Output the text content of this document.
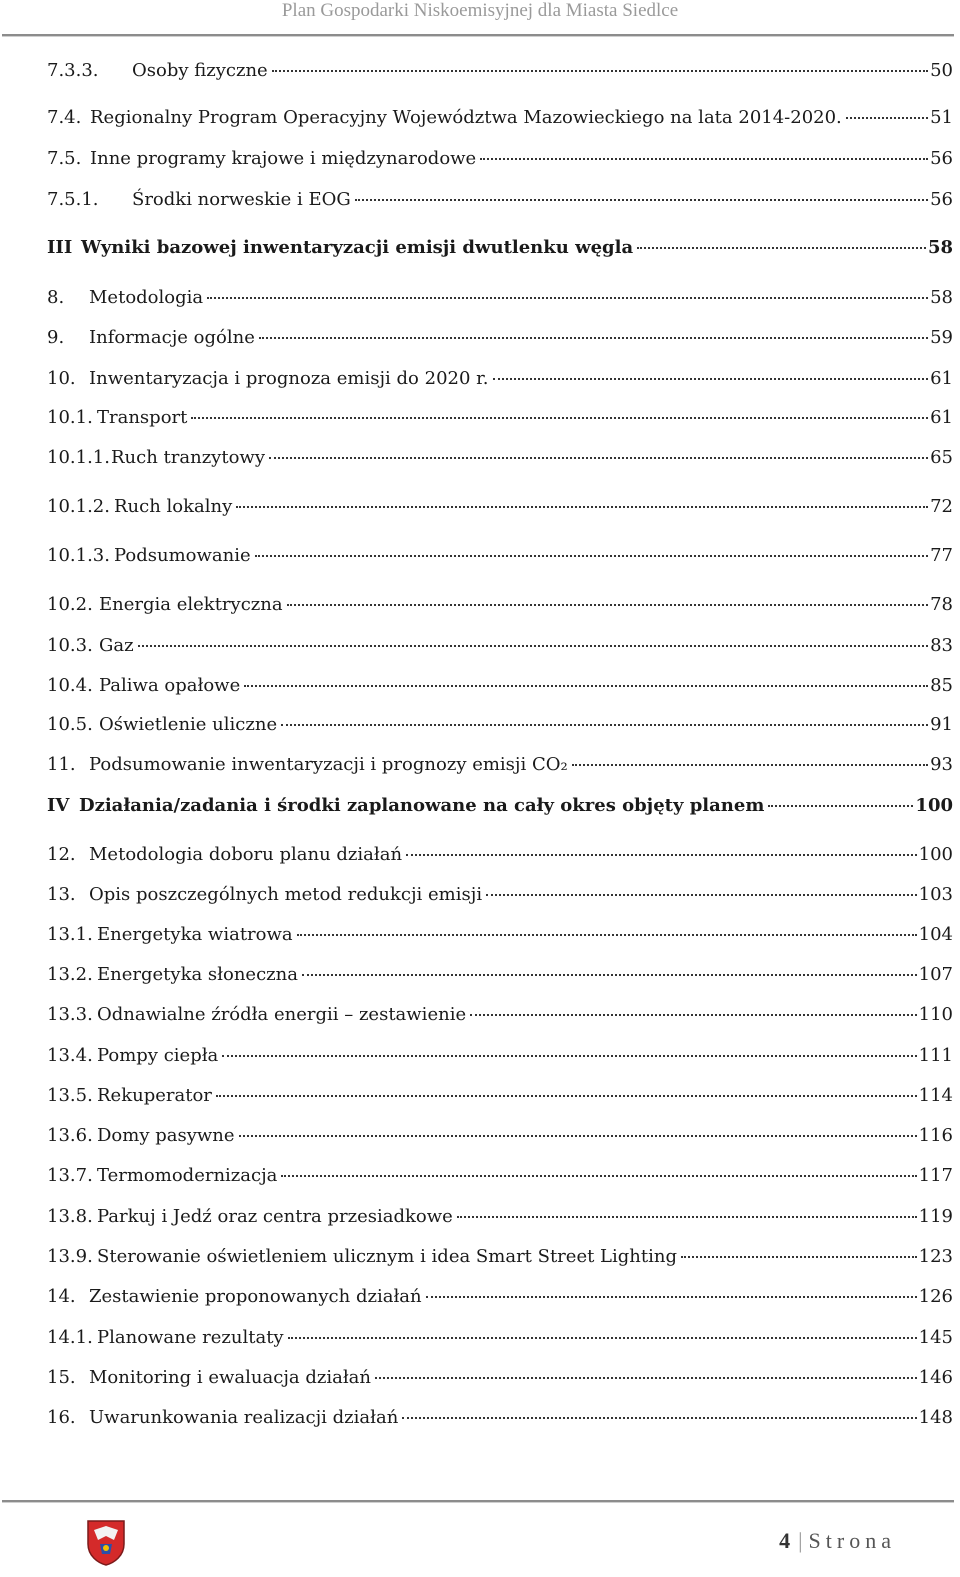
Plan Gospodarki Niskoemisyjnej dla Miasta Siedlce
7.3.3.	Osoby fizyczne	50
7.4. Regionalny Program Operacyjny Województwa Mazowieckiego na lata 2014-2020.	51
7.5. Inne programy krajowe i międzynarodowe	56
7.5.1.	Środki norweskie i EOG	56
III Wyniki bazowej inwentaryzacji emisji dwutlenku węgla	58
8.	Metodologia	58
9.	Informacje ogólne	59
10. Inwentaryzacja i prognoza emisji do 2020 r.	61
10.1. Transport	61
10.1.1. Ruch tranzytowy	65
10.1.2. Ruch lokalny	72
10.1.3. Podsumowanie	77
10.2. Energia elektryczna	78
10.3. Gaz	83
10.4. Paliwa opałowe	85
10.5. Oświetlenie uliczne	91
11. Podsumowanie inwentaryzacji i prognozy emisji CO₂	93
IV Działania/zadania i środki zaplanowane na cały okres objęty planem	100
12. Metodologia doboru planu działań	100
13. Opis poszczególnych metod redukcji emisji	103
13.1. Energetyka wiatrowa	104
13.2. Energetyka słoneczna	107
13.3. Odnawialne źródła energii – zestawienie	110
13.4. Pompy ciepła	111
13.5. Rekuperator	114
13.6. Domy pasywne	116
13.7. Termomodernizacja	117
13.8. Parkuj i Jedź oraz centra przesiadkowe	119
13.9. Sterowanie oświetleniem ulicznym i idea Smart Street Lighting	123
14. Zestawienie proponowanych działań	126
14.1. Planowane rezultaty	145
15. Monitoring i ewaluacja działań	146
16. Uwarunkowania realizacji działań	148
4 | Strona
